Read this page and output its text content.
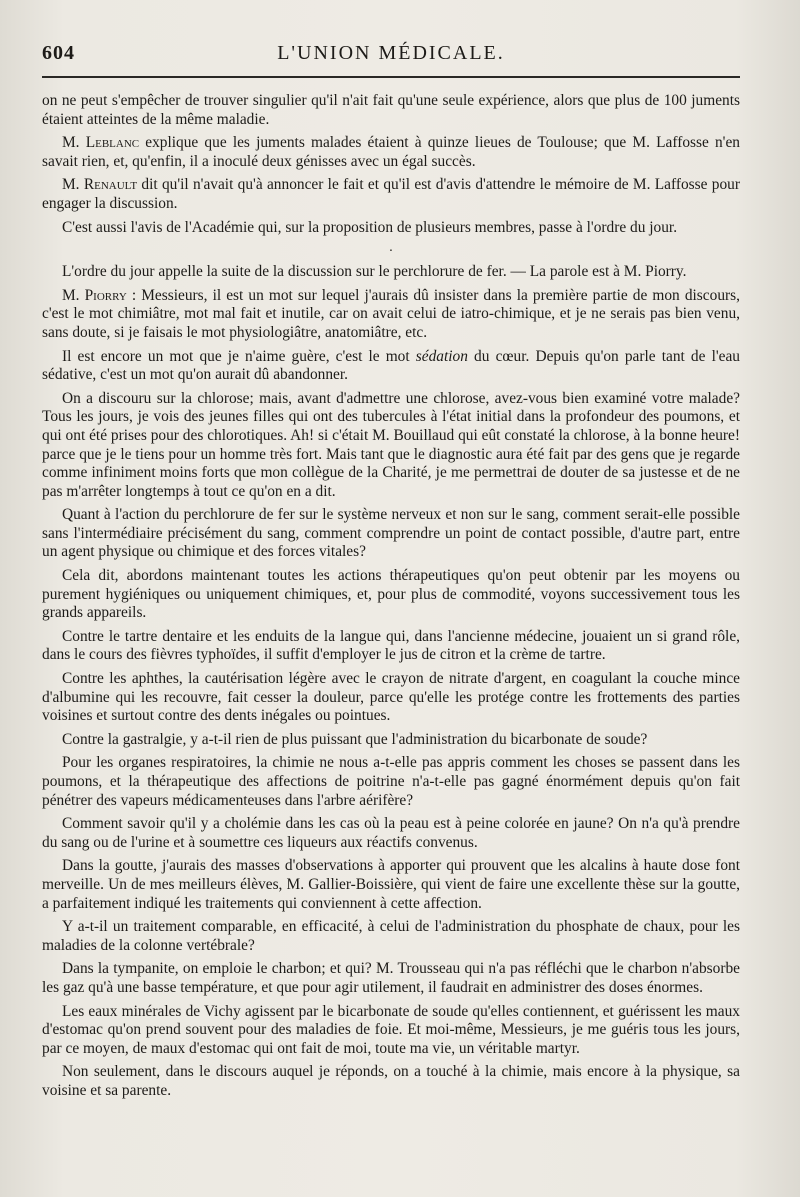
604	L'UNION MÉDICALE.

on ne peut s'empêcher de trouver singulier qu'il n'ait fait qu'une seule expérience, alors que plus de 100 juments étaient atteintes de la même maladie.

M. Leblanc explique que les juments malades étaient à quinze lieues de Toulouse; que M. Laffosse n'en savait rien, et, qu'enfin, il a inoculé deux génisses avec un égal succès.

M. Renault dit qu'il n'avait qu'à annoncer le fait et qu'il est d'avis d'attendre le mémoire de M. Laffosse pour engager la discussion.

C'est aussi l'avis de l'Académie qui, sur la proposition de plusieurs membres, passe à l'ordre du jour.

·

L'ordre du jour appelle la suite de la discussion sur le perchlorure de fer. — La parole est à M. Piorry.

M. Piorry : Messieurs, il est un mot sur lequel j'aurais dû insister dans la première partie de mon discours, c'est le mot chimiâtre, mot mal fait et inutile, car on avait celui de iatro-chimique, et je ne serais pas bien venu, sans doute, si je faisais le mot physiologiâtre, anatomiâtre, etc.

Il est encore un mot que je n'aime guère, c'est le mot sédation du cœur. Depuis qu'on parle tant de l'eau sédative, c'est un mot qu'on aurait dû abandonner.

On a discouru sur la chlorose; mais, avant d'admettre une chlorose, avez-vous bien examiné votre malade? Tous les jours, je vois des jeunes filles qui ont des tubercules à l'état initial dans la profondeur des poumons, et qui ont été prises pour des chlorotiques. Ah! si c'était M. Bouillaud qui eût constaté la chlorose, à la bonne heure! parce que je le tiens pour un homme très fort. Mais tant que le diagnostic aura été fait par des gens que je regarde comme infiniment moins forts que mon collègue de la Charité, je me permettrai de douter de sa justesse et de ne pas m'arrêter longtemps à tout ce qu'on en a dit.

Quant à l'action du perchlorure de fer sur le système nerveux et non sur le sang, comment serait-elle possible sans l'intermédiaire précisément du sang, comment comprendre un point de contact possible, d'autre part, entre un agent physique ou chimique et des forces vitales?

Cela dit, abordons maintenant toutes les actions thérapeutiques qu'on peut obtenir par les moyens ou purement hygiéniques ou uniquement chimiques, et, pour plus de commodité, voyons successivement tous les grands appareils.

Contre le tartre dentaire et les enduits de la langue qui, dans l'ancienne médecine, jouaient un si grand rôle, dans le cours des fièvres typhoïdes, il suffit d'employer le jus de citron et la crème de tartre.

Contre les aphthes, la cautérisation légère avec le crayon de nitrate d'argent, en coagulant la couche mince d'albumine qui les recouvre, fait cesser la douleur, parce qu'elle les protége contre les frottements des parties voisines et surtout contre des dents inégales ou pointues.

Contre la gastralgie, y a-t-il rien de plus puissant que l'administration du bicarbonate de soude?

Pour les organes respiratoires, la chimie ne nous a-t-elle pas appris comment les choses se passent dans les poumons, et la thérapeutique des affections de poitrine n'a-t-elle pas gagné énormément depuis qu'on fait pénétrer des vapeurs médicamenteuses dans l'arbre aérifère?

Comment savoir qu'il y a cholémie dans les cas où la peau est à peine colorée en jaune? On n'a qu'à prendre du sang ou de l'urine et à soumettre ces liqueurs aux réactifs convenus.

Dans la goutte, j'aurais des masses d'observations à apporter qui prouvent que les alcalins à haute dose font merveille. Un de mes meilleurs élèves, M. Gallier-Boissière, qui vient de faire une excellente thèse sur la goutte, a parfaitement indiqué les traitements qui conviennent à cette affection.

Y a-t-il un traitement comparable, en efficacité, à celui de l'administration du phosphate de chaux, pour les maladies de la colonne vertébrale?

Dans la tympanite, on emploie le charbon; et qui? M. Trousseau qui n'a pas réfléchi que le charbon n'absorbe les gaz qu'à une basse température, et que pour agir utilement, il faudrait en administrer des doses énormes.

Les eaux minérales de Vichy agissent par le bicarbonate de soude qu'elles contiennent, et guérissent les maux d'estomac qu'on prend souvent pour des maladies de foie. Et moi-même, Messieurs, je me guéris tous les jours, par ce moyen, de maux d'estomac qui ont fait de moi, toute ma vie, un véritable martyr.

Non seulement, dans le discours auquel je réponds, on a touché à la chimie, mais encore à la physique, sa voisine et sa parente.
